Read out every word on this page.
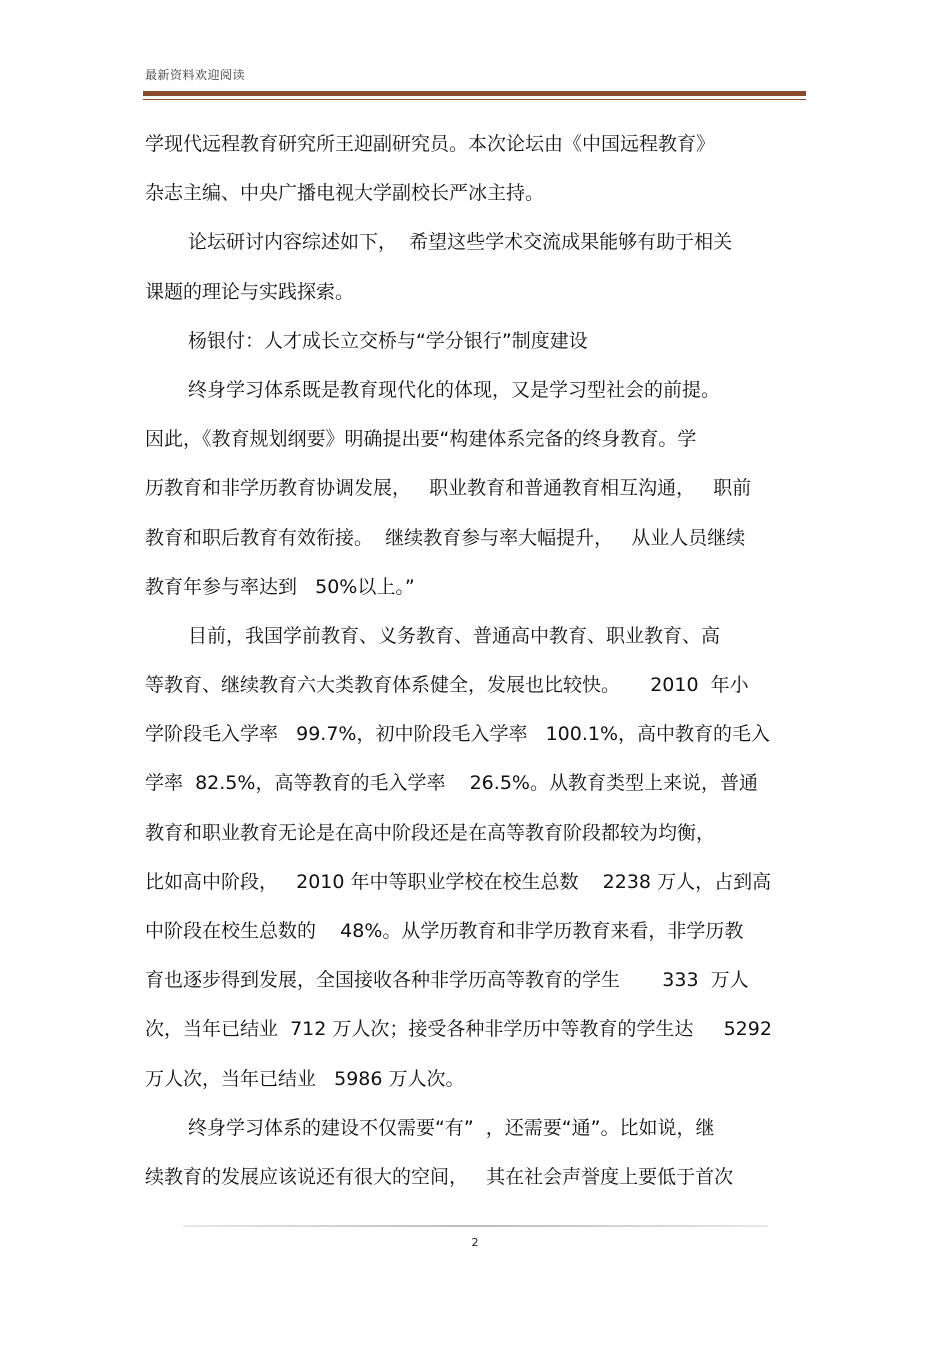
最新资料欢迎阅读
学现代远程教育研究所王迎副研究员。本次论坛由《中国远程教育》
杂志主编、中央广播电视大学副校长严冰主持。
论坛研讨内容综述如下，  希望这些学术交流成果能够有助于相关
课题的理论与实践探索。
杨银付：人才成长立交桥与“学分银行”制度建设
终身学习体系既是教育现代化的体现，又是学习型社会的前提。
因此，《教育规划纲要》明确提出要“构建体系完备的终身教育。学
历教育和非学历教育协调发展，   职业教育和普通教育相互沟通，   职前
教育和职后教育有效衔接。  继续教育参与率大幅提升，   从业人员继续
教育年参与率达到   50%以上。”
目前，我国学前教育、义务教育、普通高中教育、职业教育、高
等教育、继续教育六大类教育体系健全，发展也比较快。     2010  年小
学阶段毛入学率   99.7%，初中阶段毛入学率   100.1%，高中教育的毛入
学率  82.5%，高等教育的毛入学率    26.5%。从教育类型上来说，普通
教育和职业教育无论是在高中阶段还是在高等教育阶段都较为均衡，
比如高中阶段，   2010 年中等职业学校在校生总数    2238 万人，占到高
中阶段在校生总数的    48%。从学历教育和非学历教育来看，非学历教
育也逐步得到发展，全国接收各种非学历高等教育的学生       333  万人
次，当年已结业  712 万人次；接受各种非学历中等教育的学生达     5292
万人次，当年已结业   5986 万人次。
终身学习体系的建设不仅需要“有”  ，还需要“通”。比如说，继
续教育的发展应该说还有很大的空间，   其在社会声誉度上要低于首次
2
